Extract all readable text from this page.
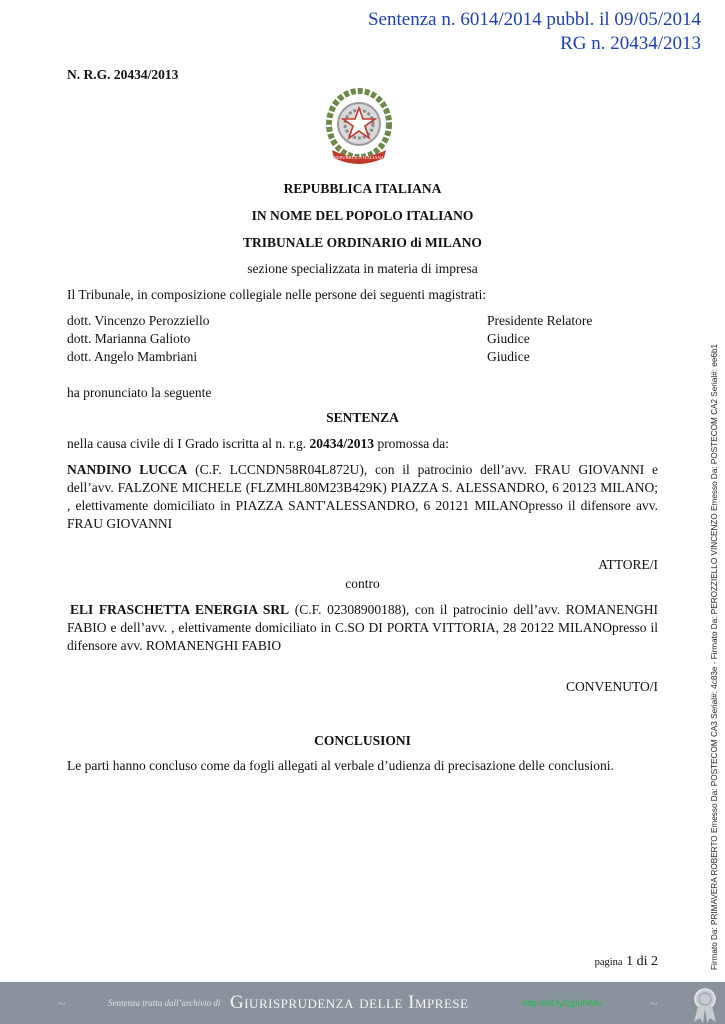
Sentenza n. 6014/2014 pubbl. il 09/05/2014
RG n. 20434/2013
N. R.G. 20434/2013
REPUBBLICA ITALIANA
REPUBBLICA ITALIANA
IN NOME DEL POPOLO ITALIANO
TRIBUNALE ORDINARIO di MILANO
sezione specializzata in materia di impresa
Il Tribunale, in composizione collegiale nelle persone dei seguenti magistrati:
dott. Vincenzo Perozziello	Presidente Relatore
dott. Marianna Galioto	Giudice
dott. Angelo Mambriani	Giudice
ha pronunciato la seguente
SENTENZA
nella causa civile di I Grado iscritta al n. r.g. 20434/2013 promossa da:
NANDINO LUCCA (C.F. LCCNDN58R04L872U), con il patrocinio dell’avv. FRAU GIOVANNI e dell’avv. FALZONE MICHELE (FLZMHL80M23B429K) PIAZZA S. ALESSANDRO, 6 20123 MILANO; , elettivamente domiciliato in PIAZZA SANT'ALESSANDRO, 6 20121 MILANOpresso il difensore avv. FRAU GIOVANNI
ATTORE/I
contro
ELI FRASCHETTA ENERGIA SRL (C.F. 02308900188), con il patrocinio dell’avv. ROMANENGHI FABIO e dell’avv. , elettivamente domiciliato in C.SO DI PORTA VITTORIA, 28 20122 MILANOpresso il difensore avv. ROMANENGHI FABIO
CONVENUTO/I
CONCLUSIONI
Le parti hanno concluso come da fogli allegati al verbale d’udienza di precisazione delle conclusioni.
pagina 1 di 2	Firmato Da: PRIMAVERA ROBERTO Emesso Da: POSTECOM CA3 Serial#: 4c83e - Firmato Da: PEROZZIELLO VINCENZO Emesso Da: POSTECOM CA2 Serial#: ee6b1
~	Sentenza tratta dall’archivio di Giurisprudenza delle Imprese	http://bit.ly/1jpuNMo	~
